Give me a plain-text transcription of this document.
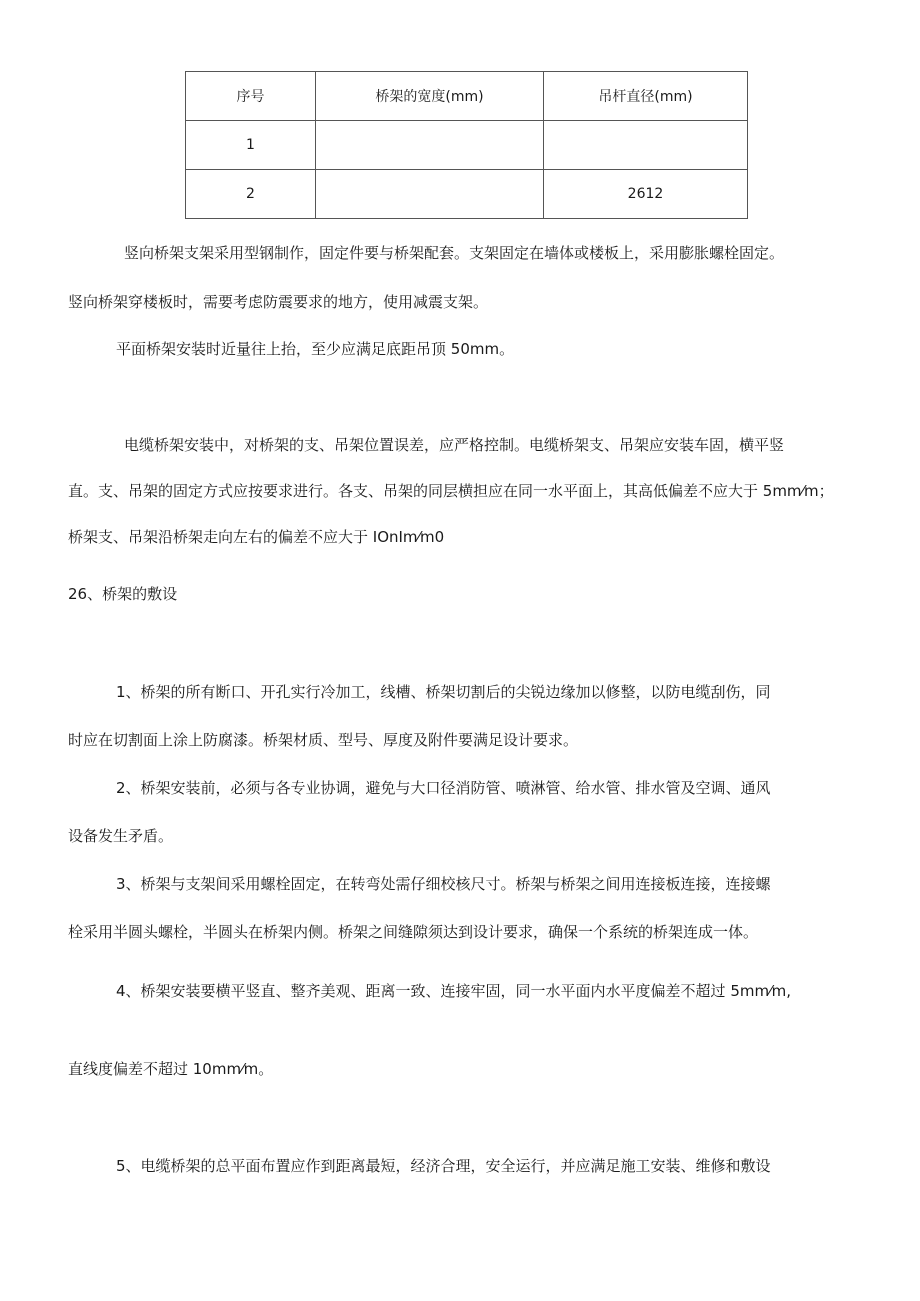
序号	桥架的宽度(mm)	吊杆直径(mm)
1		
2		2612
竖向桥架支架采用型钢制作，固定件要与桥架配套。支架固定在墙体或楼板上，采用膨胀螺栓固定。
竖向桥架穿楼板时，需要考虑防震要求的地方，使用减震支架。
平面桥架安装时近量往上抬，至少应满足底距吊顶 50mm。
电缆桥架安装中，对桥架的支、吊架位置误差，应严格控制。电缆桥架支、吊架应安装车固，横平竖
直。支、吊架的固定方式应按要求进行。各支、吊架的同层横担应在同一水平面上，其高低偏差不应大于 5mm⁄m；
桥架支、吊架沿桥架走向左右的偏差不应大于 IOnIm⁄m0
26、桥架的敷设
1、桥架的所有断口、开孔实行冷加工，线槽、桥架切割后的尖锐边缘加以修整，以防电缆刮伤，同
时应在切割面上涂上防腐漆。桥架材质、型号、厚度及附件要满足设计要求。
2、桥架安装前，必须与各专业协调，避免与大口径消防管、喷淋管、给水管、排水管及空调、通风
设备发生矛盾。
3、桥架与支架间采用螺栓固定，在转弯处需仔细校核尺寸。桥架与桥架之间用连接板连接，连接螺
栓采用半圆头螺栓，半圆头在桥架内侧。桥架之间缝隙须达到设计要求，确保一个系统的桥架连成一体。
4、桥架安装要横平竖直、整齐美观、距离一致、连接牢固，同一水平面内水平度偏差不超过 5mm⁄m,
直线度偏差不超过 10mm⁄m。
5、电缆桥架的总平面布置应作到距离最短，经济合理，安全运行，并应满足施工安装、维修和敷设
